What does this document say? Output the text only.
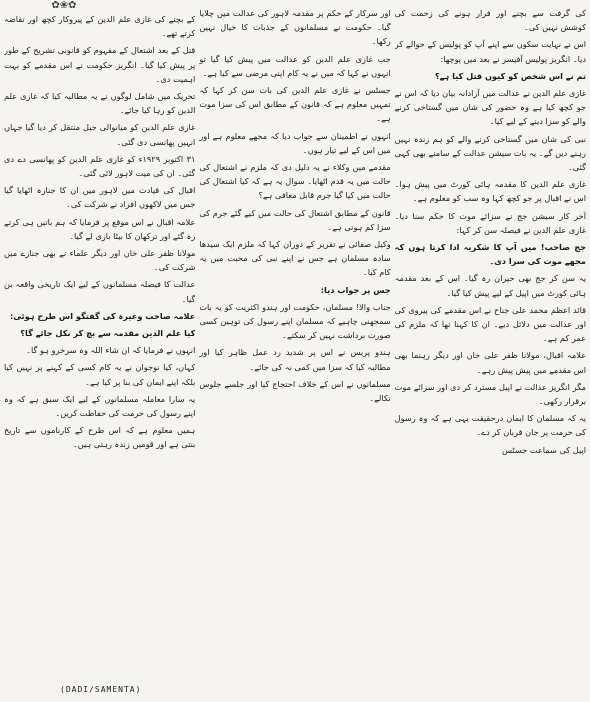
✿❀✿

کی گرفت سے بچنے اور فرار ہونے کی زحمت کی کوشش نہیں کی۔

اس نے نہایت سکون سے اپنے آپ کو پولیس کے حوالے کر دیا۔ انگریز پولیس آفیسر نے بعد میں پوچھا:

تم نے اس شخص کو کیوں قتل کیا ہے؟

غازی علم الدین نے عدالت میں آزادانہ بیان دیا کہ اس نے جو کچھ کیا ہے وہ حضور کی شان میں گستاخی کرنے والے کو سزا دینے کے لیے کیا۔

نبی کی شان میں گستاخی کرنے والے کو ہم زندہ نہیں رہنے دیں گے۔ یہ بات سیشن عدالت کے سامنے بھی کہی گئی۔

غازی علم الدین کا مقدمہ ہائی کورٹ میں پیش ہوا۔ اس نے اقبال پر جو کچھ کہا وہ سب کو معلوم ہے۔

آخر کار سیشن جج نے سزائے موت کا حکم سنا دیا۔ غازی علم الدین نے فیصلہ سن کر کہا:

جج صاحب! میں آپ کا شکریہ ادا کرتا ہوں کہ مجھے موت کی سزا دی۔

یہ سن کر جج بھی حیران رہ گیا۔ اس کے بعد مقدمہ ہائی کورٹ میں اپیل کے لیے پیش کیا گیا۔

قائد اعظم محمد علی جناح نے اس مقدمے کی پیروی کی اور عدالت میں دلائل دیے۔ ان کا کہنا تھا کہ ملزم کی عمر کم ہے۔

علامہ اقبال، مولانا ظفر علی خان اور دیگر رہنما بھی اس مقدمے میں پیش پیش رہے۔

مگر انگریز عدالت نے اپیل مسترد کر دی اور سزائے موت برقرار رکھی۔

یہ کہ مسلمان کا ایمان درحقیقت یہی ہے کہ وہ رسول کی حرمت پر جان قربان کر دے۔

اپیل کی سماعت جسٹس

اور سرکار کے حکم پر مقدمہ لاہور کی عدالت میں چلایا گیا۔ حکومت نے مسلمانوں کے جذبات کا خیال نہیں رکھا۔

جب غازی علم الدین کو عدالت میں پیش کیا گیا تو انہوں نے کہا کہ میں نے یہ کام اپنی مرضی سے کیا ہے۔

جسٹس نے غازی علم الدین کی بات سن کر کہا کہ تمہیں معلوم ہے کہ قانون کے مطابق اس کی سزا موت ہے۔

انہوں نے اطمینان سے جواب دیا کہ مجھے معلوم ہے اور میں اس کے لیے تیار ہوں۔

مقدمے میں وکلاء نے یہ دلیل دی کہ ملزم نے اشتعال کی حالت میں یہ قدم اٹھایا۔ سوال یہ ہے کہ کیا اشتعال کی حالت میں کیا گیا جرم قابل معافی ہے؟

قانون کے مطابق اشتعال کی حالت میں کیے گئے جرم کی سزا کم ہوتی ہے۔

وکیل صفائی نے تقریر کے دوران کہا کہ ملزم ایک سیدھا سادہ مسلمان ہے جس نے اپنے نبی کی محبت میں یہ کام کیا۔

جس پر جواب دیا:

جناب والا! مسلمان، حکومت اور ہندو اکثریت کو یہ بات سمجھنی چاہیے کہ مسلمان اپنے رسول کی توہین کسی صورت برداشت نہیں کر سکتے۔

ہندو پریس نے اس پر شدید رد عمل ظاہر کیا اور مطالبہ کیا کہ سزا میں کمی نہ کی جائے۔

مسلمانوں نے اس کے خلاف احتجاج کیا اور جلسے جلوس نکالے۔

کے بچنے کی غازی علم الدین کے پیروکار کچھ اور تقاضہ کرتے تھے۔

قتل کے بعد اشتعال کے مفہوم کو قانونی تشریح کے طور پر پیش کیا گیا۔ انگریز حکومت نے اس مقدمے کو بہت اہمیت دی۔

تحریک میں شامل لوگوں نے یہ مطالبہ کیا کہ غازی علم الدین کو رہا کیا جائے۔

غازی علم الدین کو میانوالی جیل منتقل کر دیا گیا جہاں انہیں پھانسی دی گئی۔

۳۱ اکتوبر ۱۹۲۹ء کو غازی علم الدین کو پھانسی دے دی گئی۔ ان کی میت لاہور لائی گئی۔

اقبال کی قیادت میں لاہور میں ان کا جنازہ اٹھایا گیا جس میں لاکھوں افراد نے شرکت کی۔

علامہ اقبال نے اس موقع پر فرمایا کہ ہم باتیں ہی کرتے رہ گئے اور ترکھان کا بیٹا بازی لے گیا۔

مولانا ظفر علی خان اور دیگر علماء نے بھی جنازے میں شرکت کی۔

عدالت کا فیصلہ مسلمانوں کے لیے ایک تاریخی واقعہ بن گیا۔

علامہ صاحب وغیرہ کی گفتگو اس طرح ہوئی:

کیا علم الدین مقدمہ سے بچ کر نکل جائے گا؟

انہوں نے فرمایا کہ ان شاء اللہ وہ سرخرو ہو گا۔

کہاں، کیا نوجوان نے یہ کام کسی کے کہنے پر نہیں کیا بلکہ اپنے ایمان کی بنا پر کیا ہے۔

یہ سارا معاملہ مسلمانوں کے لیے ایک سبق ہے کہ وہ اپنے رسول کی حرمت کی حفاظت کریں۔

ہمیں معلوم ہے کہ اس طرح کے کارناموں سے تاریخ بنتی ہے اور قومیں زندہ رہتی ہیں۔

(DADI/SAMENTA)
